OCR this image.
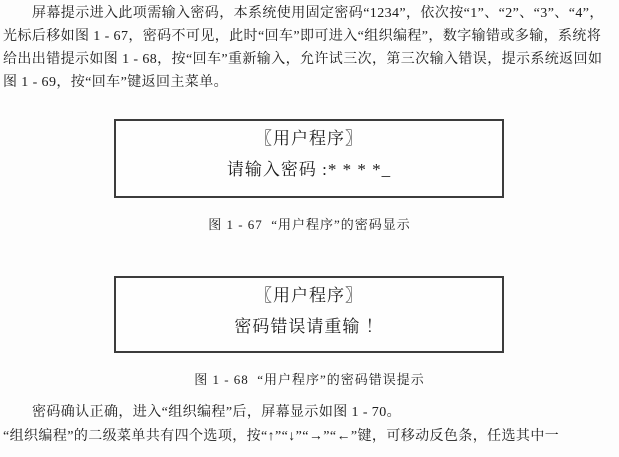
屏幕提示进入此项需输入密码，本系统使用固定密码“1234”，依次按“1”、“2”、“3”、“4”，
光标后移如图 1 - 67，密码不可见，此时“回车”即可进入“组织编程”，数字输错或多输，系统将
给出出错提示如图 1 - 68，按“回车”重新输入，允许试三次，第三次输入错误，提示系统返回如
图 1 - 69，按“回车”键返回主菜单。
〖用户程序〗
请输入密码 :* * * *_
图 1 - 67  “用户程序”的密码显示
〖用户程序〗
密码错误请重输 ！
图 1 - 68  “用户程序”的密码错误提示
密码确认正确，进入“组织编程”后，屏幕显示如图 1 - 70。
“组织编程”的二级菜单共有四个选项，按“↑”“↓”“→”“←”键，可移动反色条，任选其中一
